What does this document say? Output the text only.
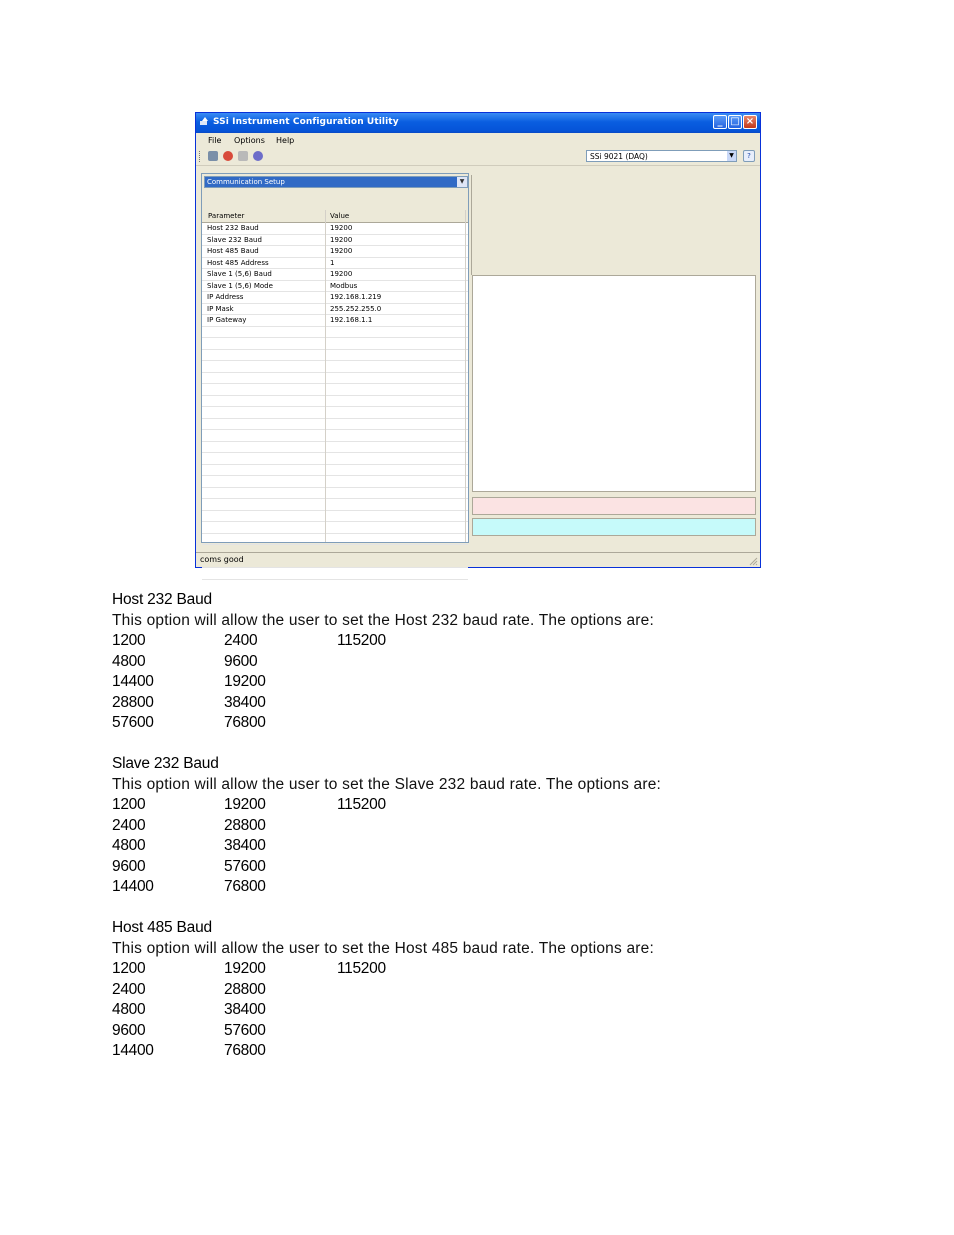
SSi Instrument Configuration Utility	_ □ ×
File Options Help
SSi 9021 (DAQ)	▼	?
Communication Setup	▼
Parameter	Value
Host 232 Baud	19200
Slave 232 Baud	19200
Host 485 Baud	19200
Host 485 Address	1
Slave 1 (5,6) Baud	19200
Slave 1 (5,6) Mode	Modbus
IP Address	192.168.1.219
IP Mask	255.252.255.0
IP Gateway	192.168.1.1
coms good
Host 232 Baud
This option will allow the user to set the Host 232 baud rate. The options are:
1200	2400	115200
4800	9600
14400	19200
28800	38400
57600	76800
Slave 232 Baud
This option will allow the user to set the Slave 232 baud rate. The options are:
1200	19200	115200
2400	28800
4800	38400
9600	57600
14400	76800
Host 485 Baud
This option will allow the user to set the Host 485 baud rate. The options are:
1200	19200	115200
2400	28800
4800	38400
9600	57600
14400	76800
